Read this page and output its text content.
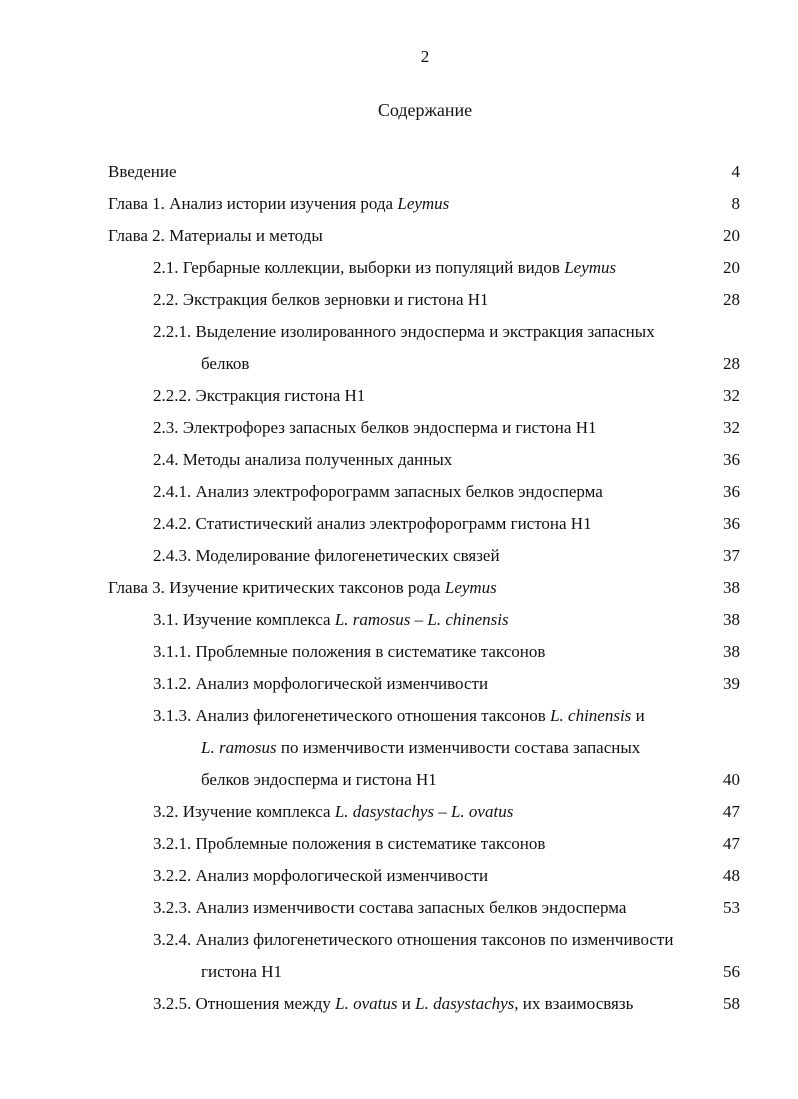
2
Содержание
Введение	4
Глава 1. Анализ истории изучения рода Leymus	8
Глава 2. Материалы и методы	20
2.1. Гербарные коллекции, выборки из популяций видов Leymus	20
2.2. Экстракция белков зерновки и гистона Н1	28
2.2.1. Выделение изолированного эндосперма и экстракция запасных
белков	28
2.2.2. Экстракция гистона Н1	32
2.3. Электрофорез запасных белков эндосперма и гистона Н1	32
2.4. Методы анализа полученных данных	36
2.4.1. Анализ электрофорограмм запасных белков эндосперма	36
2.4.2. Статистический анализ электрофорограмм гистона Н1	36
2.4.3. Моделирование филогенетических связей	37
Глава 3. Изучение критических таксонов рода Leymus	38
3.1. Изучение комплекса L. ramosus – L. chinensis	38
3.1.1. Проблемные положения в систематике таксонов	38
3.1.2. Анализ морфологической изменчивости	39
3.1.3. Анализ филогенетического отношения таксонов L. chinensis и
L. ramosus по изменчивости изменчивости состава запасных
белков эндосперма и гистона Н1	40
3.2. Изучение комплекса L. dasystachys – L. ovatus	47
3.2.1. Проблемные положения в систематике таксонов	47
3.2.2. Анализ морфологической изменчивости	48
3.2.3. Анализ изменчивости состава запасных белков эндосперма	53
3.2.4. Анализ филогенетического отношения таксонов по изменчивости
гистона Н1	56
3.2.5. Отношения между L. ovatus и L. dasystachys, их взаимосвязь	58
